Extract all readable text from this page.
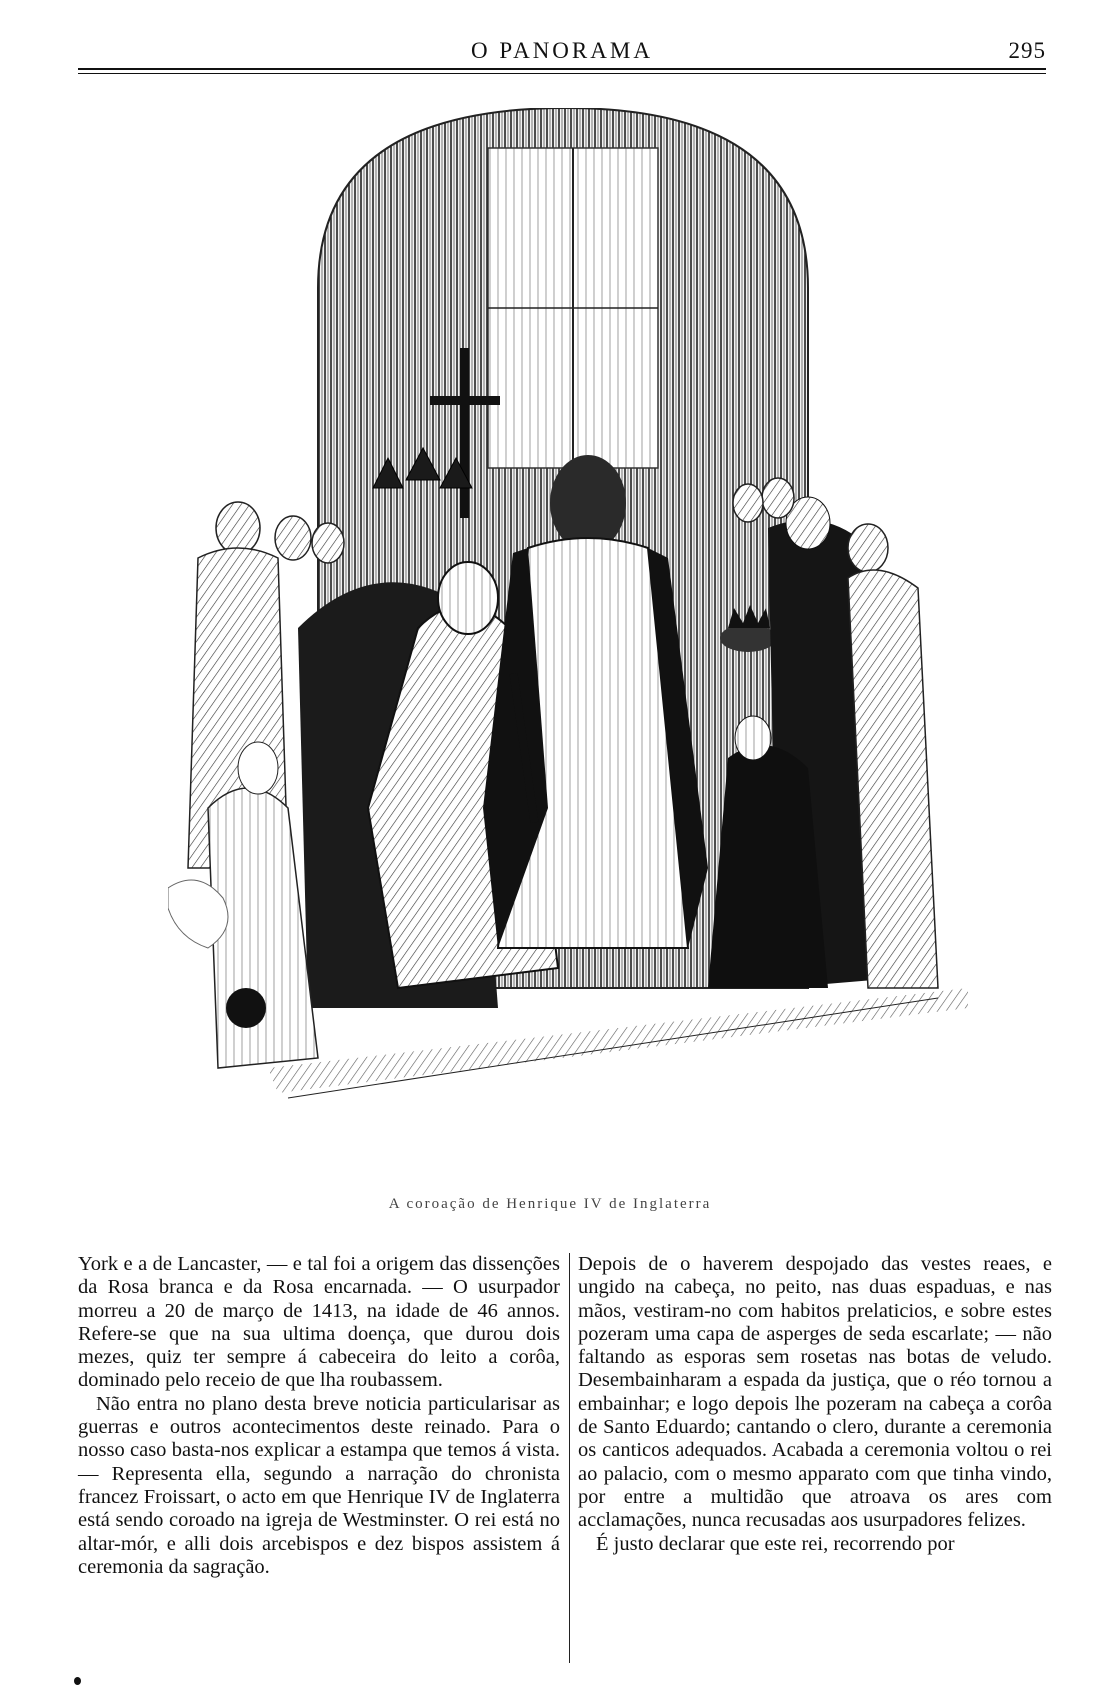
O PANORAMA	295
A coroação de Henrique IV de Inglaterra

York e a de Lancaster, — e tal foi a origem das dissenções da Rosa branca e da Rosa encarnada. — O usurpador morreu a 20 de março de 1413, na idade de 46 annos. Refere-se que na sua ultima doença, que durou dois mezes, quiz ter sempre á cabeceira do leito a corôa, dominado pelo receio de que lha roubassem.

Não entra no plano desta breve noticia particularisar as guerras e outros acontecimentos deste reinado. Para o nosso caso basta-nos explicar a estampa que temos á vista. — Representa ella, segundo a narração do chronista francez Froissart, o acto em que Henrique IV de Inglaterra está sendo coroado na igreja de Westminster. O rei está no altar-mór, e alli dois arcebispos e dez bispos assistem á ceremonia da sagração.

Depois de o haverem despojado das vestes reaes, e ungido na cabeça, no peito, nas duas espaduas, e nas mãos, vestiram-no com habitos prelaticios, e sobre estes pozeram uma capa de asperges de seda escarlate; — não faltando as esporas sem rosetas nas botas de veludo. Desembainharam a espada da justiça, que o réo tornou a embainhar; e logo depois lhe pozeram na cabeça a corôa de Santo Eduardo; cantando o clero, durante a ceremonia os canticos adequados. Acabada a ceremonia voltou o rei ao palacio, com o mesmo apparato com que tinha vindo, por entre a multidão que atroava os ares com acclamações, nunca recusadas aos usurpadores felizes.

É justo declarar que este rei, recorrendo por
